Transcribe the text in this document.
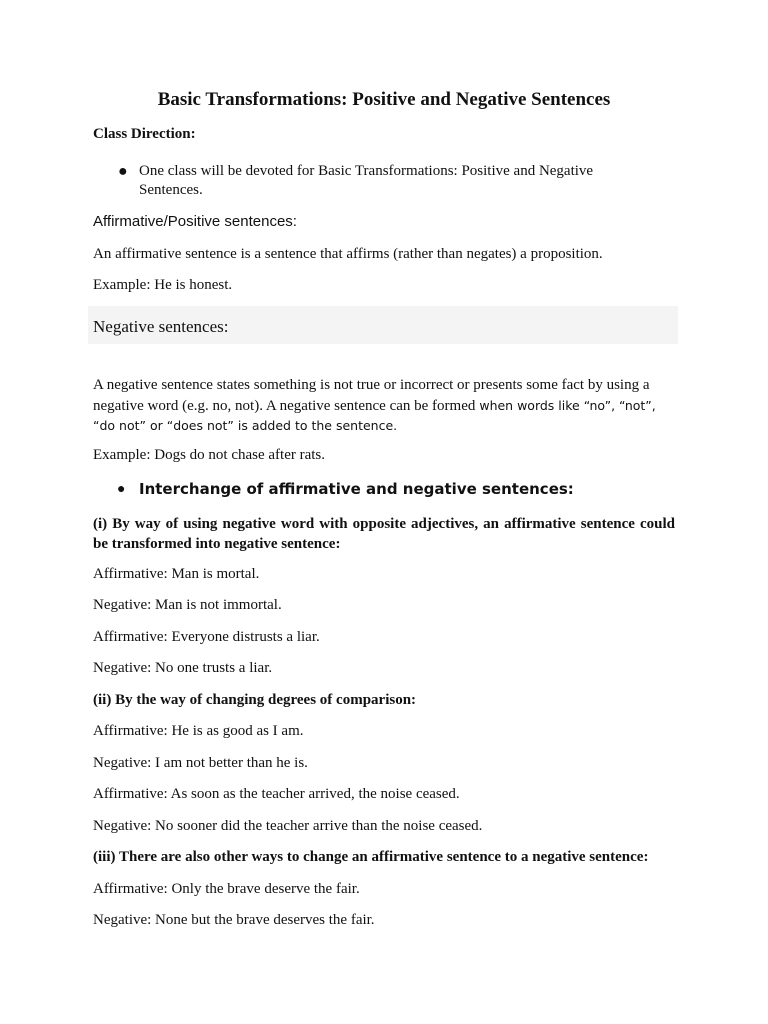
Basic Transformations: Positive and Negative Sentences

Class Direction:

● One class will be devoted for Basic Transformations: Positive and Negative
Sentences.

Affirmative/Positive sentences:

An affirmative sentence is a sentence that affirms (rather than negates) a proposition.

Example: He is honest.

Negative sentences:

A negative sentence states something is not true or incorrect or presents some fact by using a
negative word (e.g. no, not). A negative sentence can be formed when words like “no”, “not”,
“do not” or “does not” is added to the sentence.

Example: Dogs do not chase after rats.

● Interchange of affirmative and negative sentences:

(i) By way of using negative word with opposite adjectives, an affirmative sentence could be transformed into negative sentence:

Affirmative: Man is mortal.

Negative: Man is not immortal.

Affirmative: Everyone distrusts a liar.

Negative: No one trusts a liar.

(ii) By the way of changing degrees of comparison:

Affirmative: He is as good as I am.

Negative: I am not better than he is.

Affirmative: As soon as the teacher arrived, the noise ceased.

Negative: No sooner did the teacher arrive than the noise ceased.

(iii) There are also other ways to change an affirmative sentence to a negative sentence:

Affirmative: Only the brave deserve the fair.

Negative: None but the brave deserves the fair.
